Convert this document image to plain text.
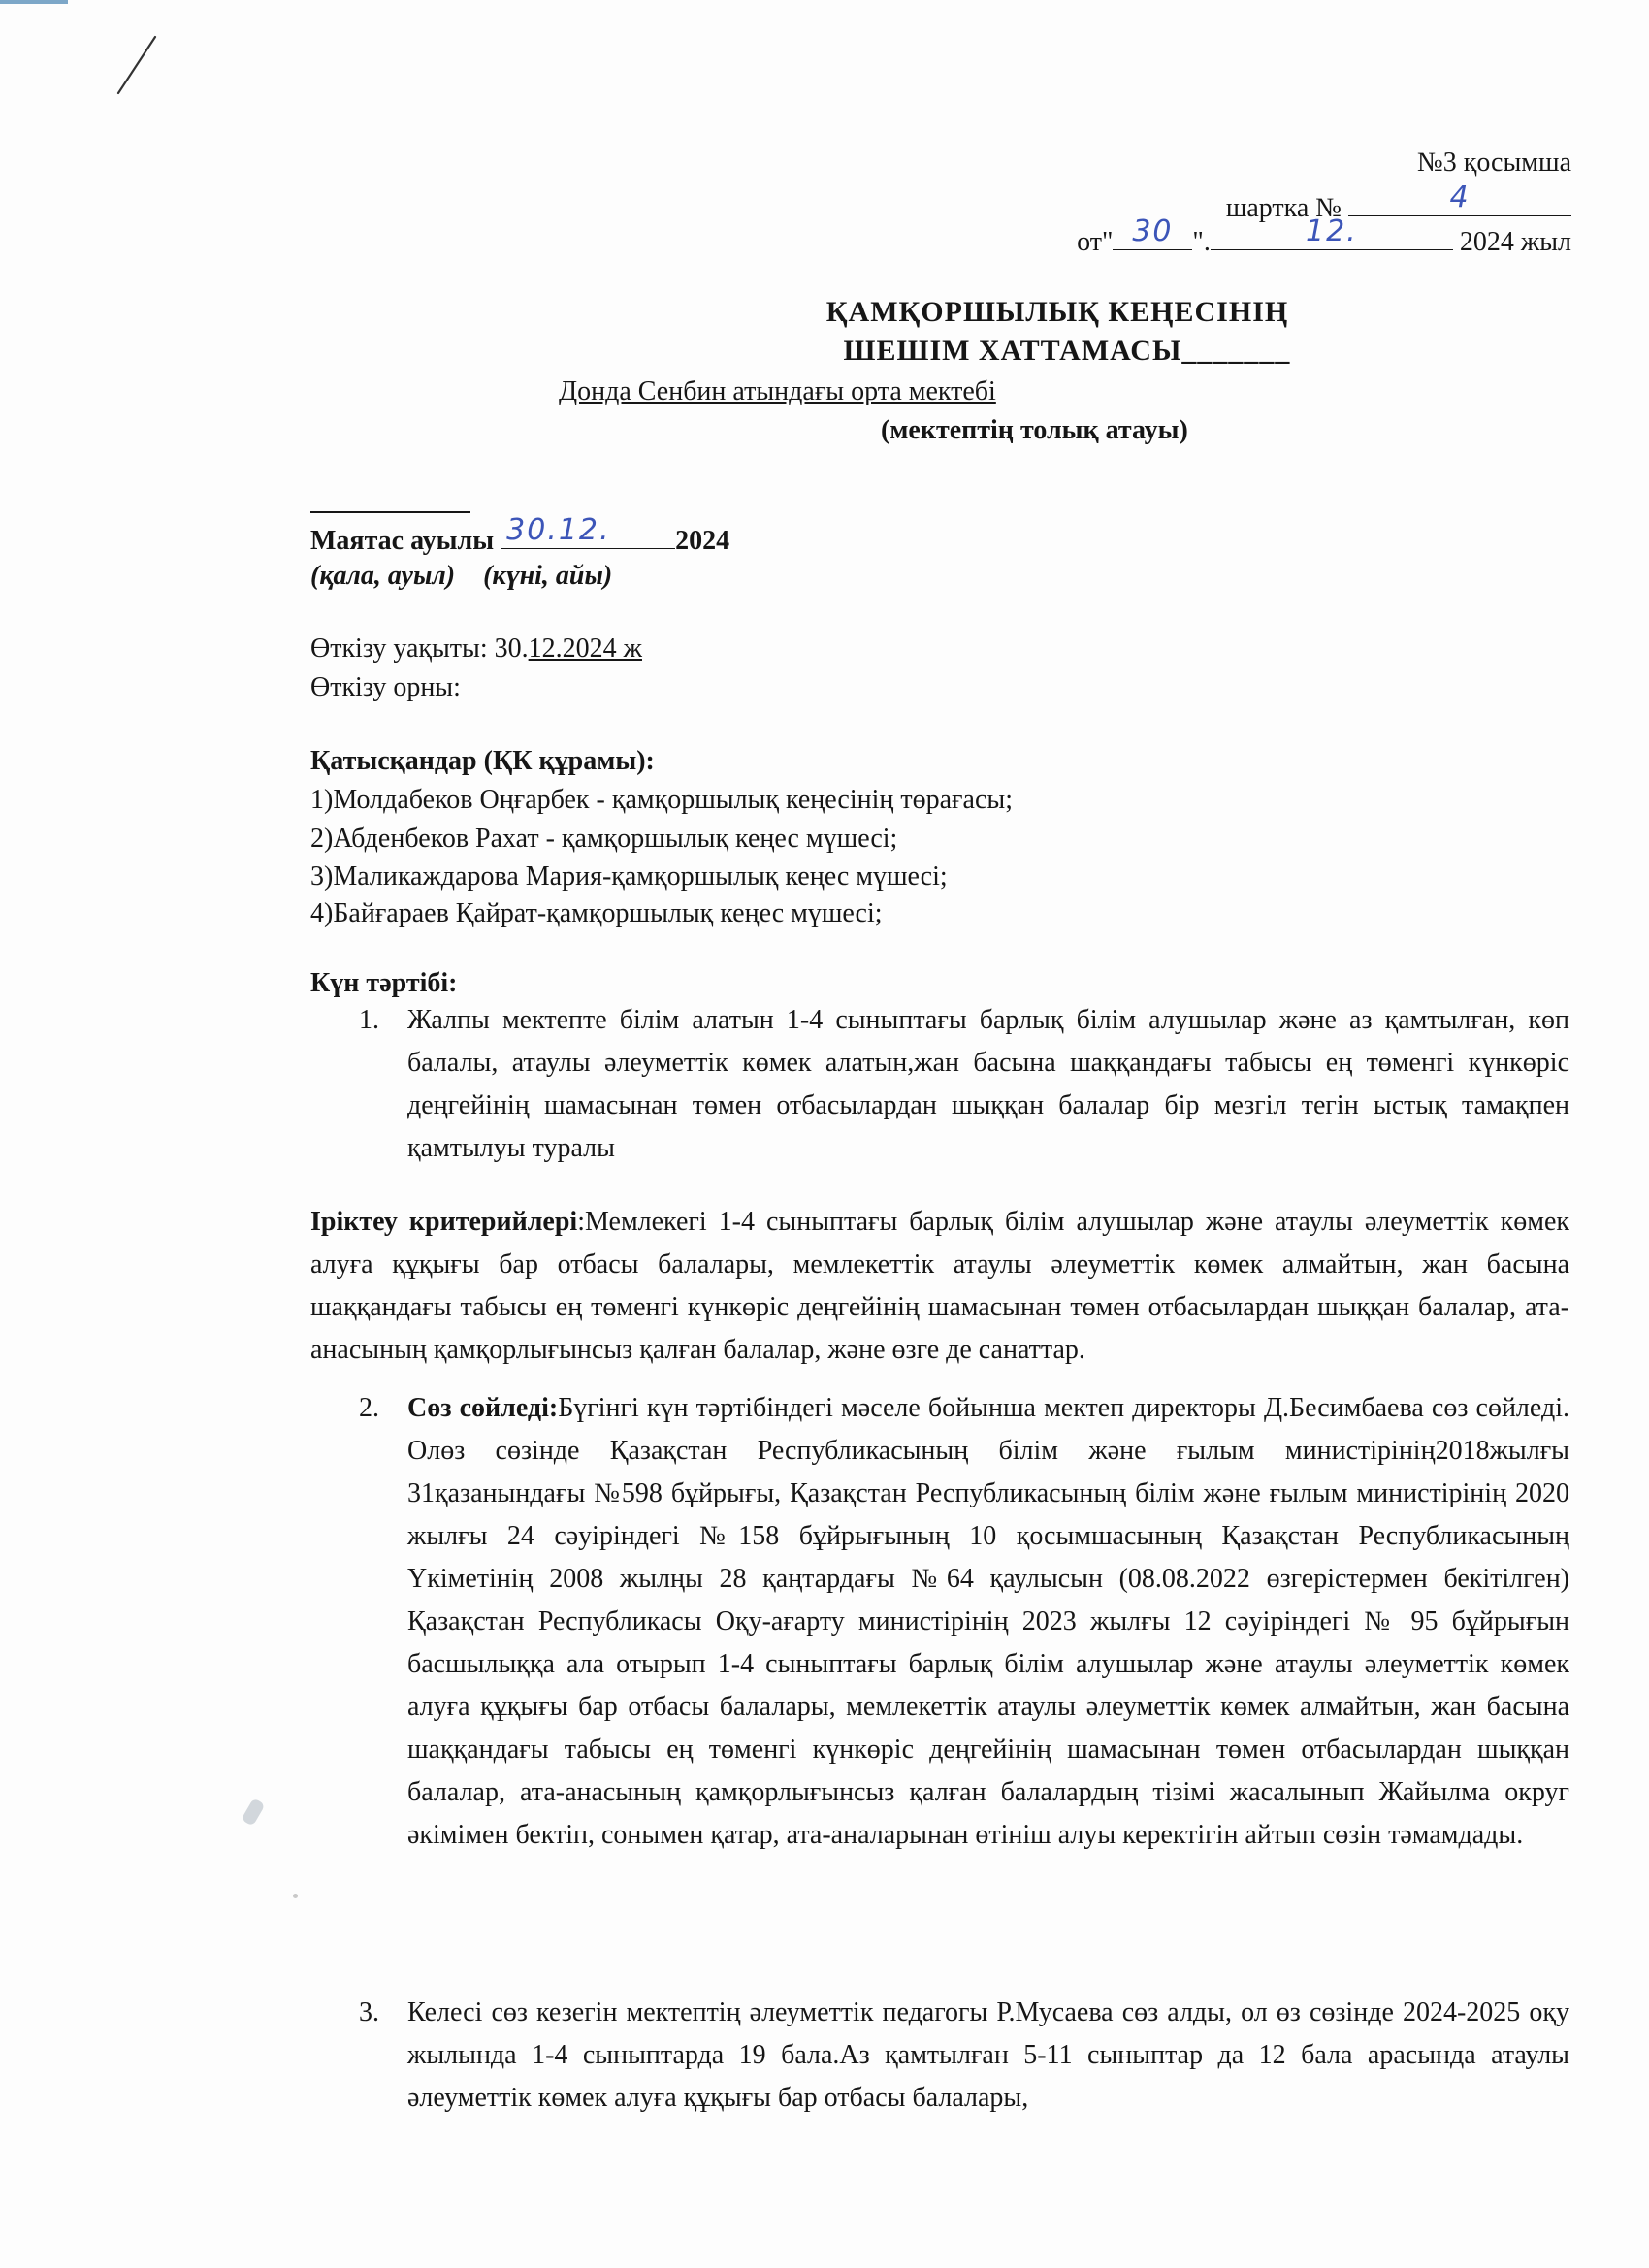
№3 қосымша
шартка №	4
от" 30 ".	12.	2024 жыл
ҚАМҚОРШЫЛЫҚ КЕҢЕСІНІҢ
ШЕШІМ ХАТТАМАСЫ_______
Донда Сенбин атындағы орта мектебі
(мектептің толық атауы)
Маятас ауылы 30.12.	2024
(қала, ауыл) (күні, айы)
Өткізу уақыты: 30.12.2024 ж
Өткізу орны:
Қатысқандар (ҚК құрамы):
1)Молдабеков Оңғарбек - қамқоршылық кеңесінің төрағасы;
2)Абденбеков Рахат - қамқоршылық кеңес мүшесі;
3)Маликаждарова Мария-қамқоршылық кеңес мүшесі;
4)Байғараев Қайрат-қамқоршылық кеңес мүшесі;
Күн тәртібі:
1. Жалпы мектепте білім алатын 1-4 сыныптағы барлық білім алушылар және аз қамтылған, көп балалы, атаулы әлеуметтік көмек алатын,жан басына шаққандағы табысы ең төменгі күнкөріс деңгейінің шамасынан төмен отбасылардан шыққан балалар бір мезгіл тегін ыстық тамақпен қамтылуы туралы
Іріктеу критерийлері:Мемлекегі 1-4 сыныптағы барлық білім алушылар және атаулы әлеуметтік көмек алуға құқығы бар отбасы балалары, мемлекеттік атаулы әлеуметтік көмек алмайтын, жан басына шаққандағы табысы ең төменгі күнкөріс деңгейінің шамасынан төмен отбасылардан шыққан балалар, ата-анасының қамқорлығынсыз қалған балалар, және өзге де санаттар.
2. Сөз сөйледі:Бүгінгі күн тәртібіндегі мәселе бойынша мектеп директоры Д.Бесимбаева сөз сөйледі. Олөз сөзінде Қазақстан Республикасының білім және ғылым министірінің2018жылғы 31қазанындағы №598 бұйрығы, Қазақстан Республикасының білім және ғылым министірінің 2020 жылғы 24 сәуіріндегі №158 бұйрығының 10 қосымшасының Қазақстан Республикасының Үкіметінің 2008 жылңы 28 қаңтардағы №64 қаулысын (08.08.2022 өзгерістермен бекітілген) Қазақстан Республикасы Оқу-ағарту министірінің 2023 жылғы 12 сәуіріндегі № 95 бұйрығын басшылыққа ала отырып 1-4 сыныптағы барлық білім алушылар және атаулы әлеуметтік көмек алуға құқығы бар отбасы балалары, мемлекеттік атаулы әлеуметтік көмек алмайтын, жан басына шаққандағы табысы ең төменгі күнкөріс деңгейінің шамасынан төмен отбасылардан шыққан балалар, ата-анасының қамқорлығынсыз қалған балалардың тізімі жасалынып Жайылма округ әкімімен бектіп, сонымен қатар, ата-аналарынан өтініш алуы керектігін айтып сөзін тәмамдады.
3. Келесі сөз кезегін мектептің әлеуметтік педагогы Р.Мусаева сөз алды, ол өз сөзінде 2024-2025 оқу жылында 1-4 сыныптарда 19 бала.Аз қамтылған 5-11 сыныптар да 12 бала арасында атаулы әлеуметтік көмек алуға құқығы бар отбасы балалары,
